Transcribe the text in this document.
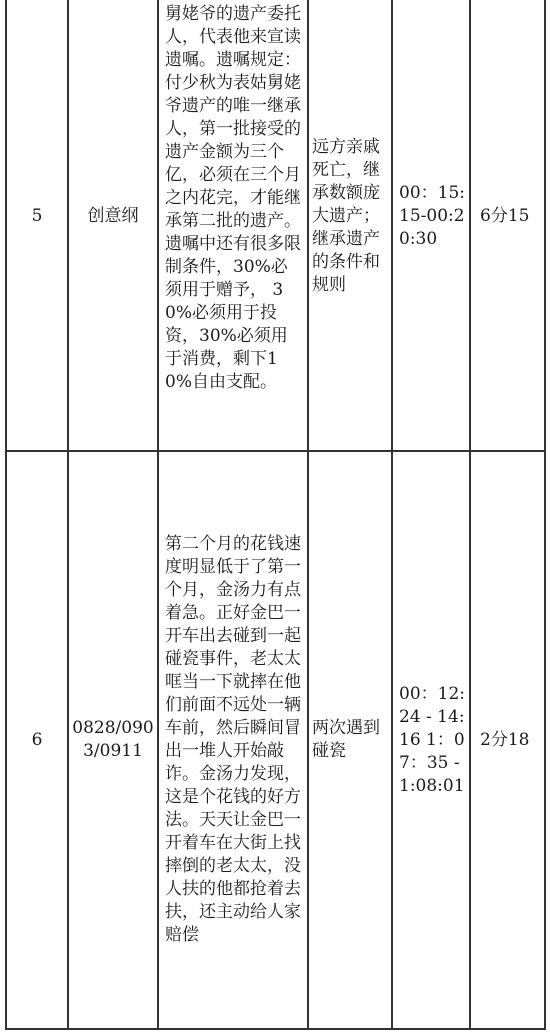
5	创意纲	舅姥爷的遗产委托人，代表他来宣读遗嘱。遗嘱规定：付少秋为表姑舅姥爷遗产的唯一继承人，第一批接受的遗产金额为三个亿，必须在三个月之内花完，才能继承第二批的遗产。遗嘱中还有很多限制条件，30%必须用于赠予， 30%必须用于投资，30%必须用于消费，剩下10%自由支配。	远方亲戚死亡，继承数额庞大遗产；继承遗产的条件和规则	00：15:15-00:20:30	6分15
6	0828/0903/0911	第二个月的花钱速度明显低于了第一个月，金汤力有点着急。正好金巴一开车出去碰到一起碰瓷事件，老太太哐当一下就摔在他们前面不远处一辆车前，然后瞬间冒出一堆人开始敲诈。金汤力发现，这是个花钱的好方法。天天让金巴一开着车在大街上找摔倒的老太太，没人扶的他都抢着去扶，还主动给人家赔偿	两次遇到碰瓷	00：12:24 - 14:16 1：07：35 - 1:08:01	2分18
